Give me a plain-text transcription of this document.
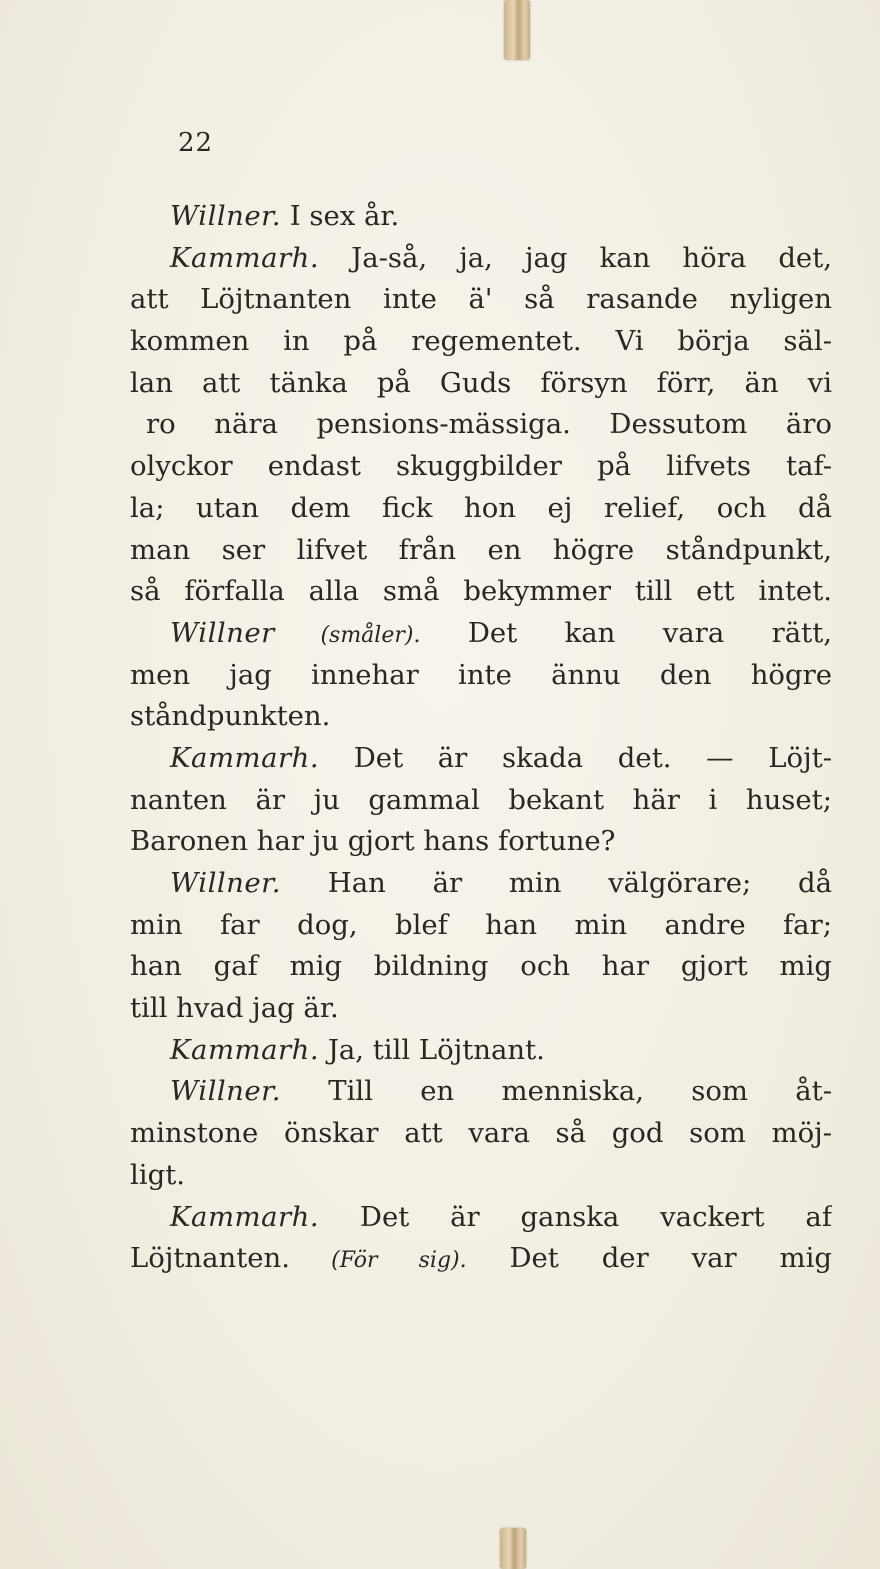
22
Willner. I sex år.
Kammarh. Ja-så, ja, jag kan höra det,
att Löjtnanten inte ä' så rasande nyligen
kommen in på regementet. Vi börja säl-
lan att tänka på Guds försyn förr, än vi
ro nära pensions-mässiga. Dessutom äro
olyckor endast skuggbilder på lifvets taf-
la; utan dem fick hon ej relief, och då
man ser lifvet från en högre ståndpunkt,
så förfalla alla små bekymmer till ett intet.
Willner (småler). Det kan vara rätt,
men jag innehar inte ännu den högre
ståndpunkten.
Kammarh. Det är skada det. — Löjt-
nanten är ju gammal bekant här i huset;
Baronen har ju gjort hans fortune?
Willner. Han är min välgörare; då
min far dog, blef han min andre far;
han gaf mig bildning och har gjort mig
till hvad jag är.
Kammarh. Ja, till Löjtnant.
Willner. Till en menniska, som åt-
minstone önskar att vara så god som möj-
ligt.
Kammarh. Det är ganska vackert af
Löjtnanten. (För sig). Det der var mig
